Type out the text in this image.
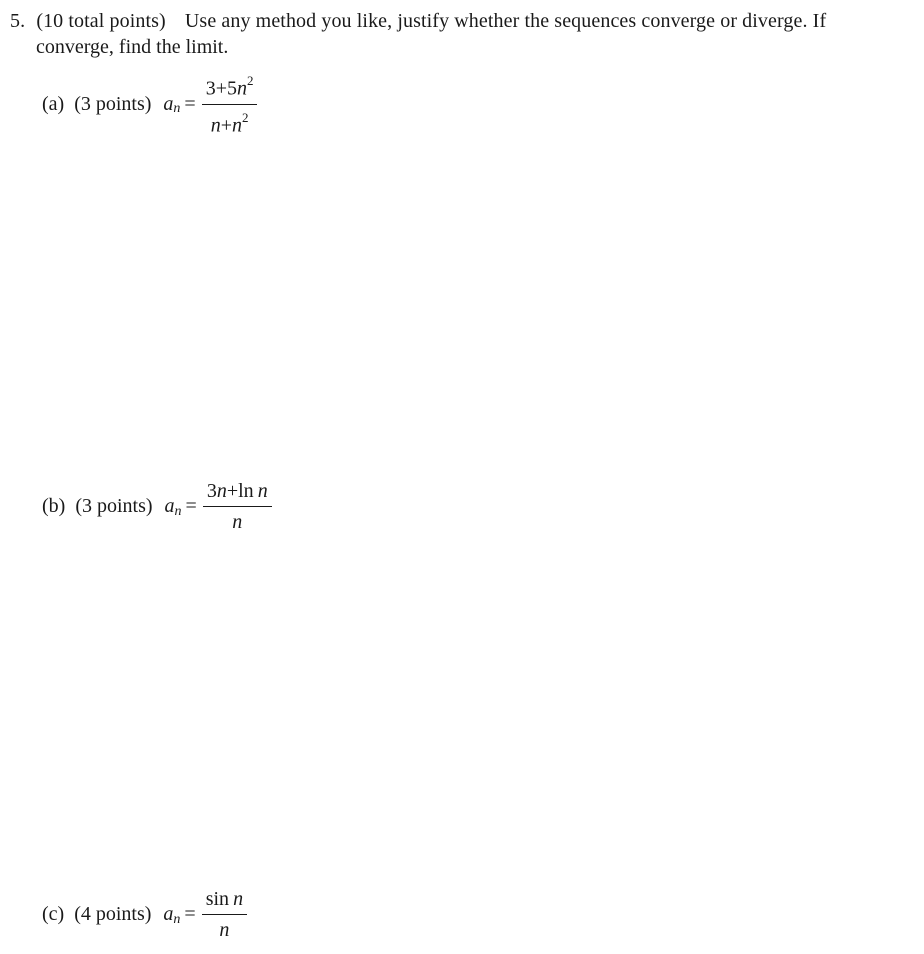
5. (10 total points) Use any method you like, justify whether the sequences converge or diverge. If
converge, find the limit.
(a) (3 points) a $n = \frac{3+5n^2}{n+n^2}$
(b) (3 points) a $n = \frac{\text{3n+ln  n}}{n}$
(c) (4 points) a $n = \frac{\text{sin  n}}{n}$
